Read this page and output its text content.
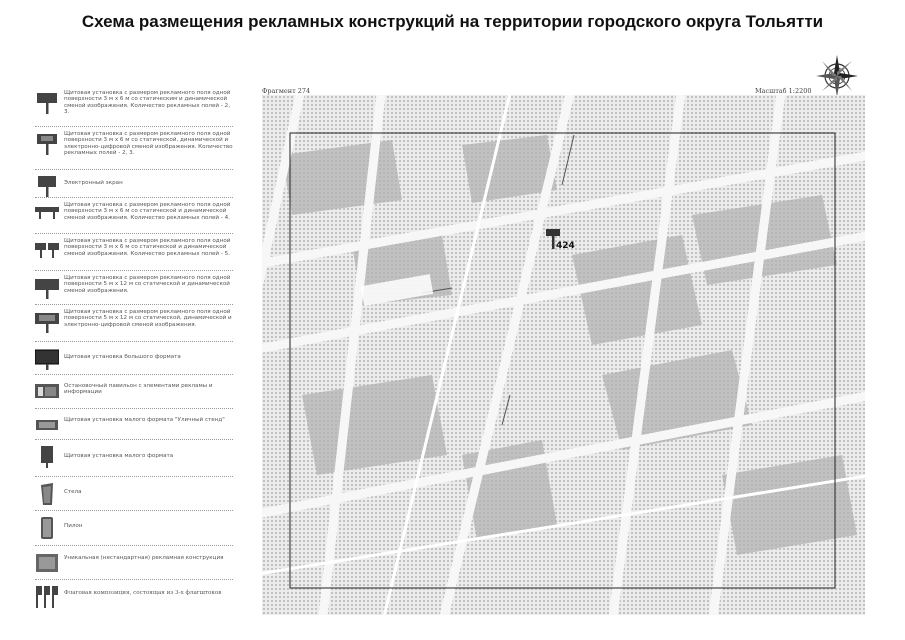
Схема размещения рекламных конструкций на территории городского округа Тольятти
Щитовая установка с размером рекламного поля одной поверхности 3 м х 6 м со статическим и динамической сменой изображения. Количество рекламных полей - 2, 3.
Щитовая установка с размером рекламного поля одной поверхности 3 м х 6 м со статической, динамической и электронно-цифровой сменой изображения. Количество рекламных полей - 2, 3.
Электронный экран
Щитовая установка с размером рекламного поля одной поверхности 3 м х 6 м со статической и динамической сменой изображения. Количество рекламных полей - 4.
Щитовая установка с размером рекламного поля одной поверхности 3 м х 6 м со статической и динамической сменой изображения. Количество рекламных полей - 5.
Щитовая установка с размером рекламного поля одной поверхности 5 м х 12 м со статической и динамической сменой изображения.
Щитовая установка с размером рекламного поля одной поверхности 5 м х 12 м со статической, динамической и электронно-цифровой сменой изображения.
Щитовая установка большого формата
Остановочный павильон с элементами рекламы и информации
Щитовая установка малого формата "Уличный стенд"
Щитовая установка малого формата
Стела
Пилон
Уникальная (нестандартная) рекламная конструкция
Флаговая композиция, состоящая из 3-х флагштоков
Фрагмент 274	Масштаб 1:2200
424
